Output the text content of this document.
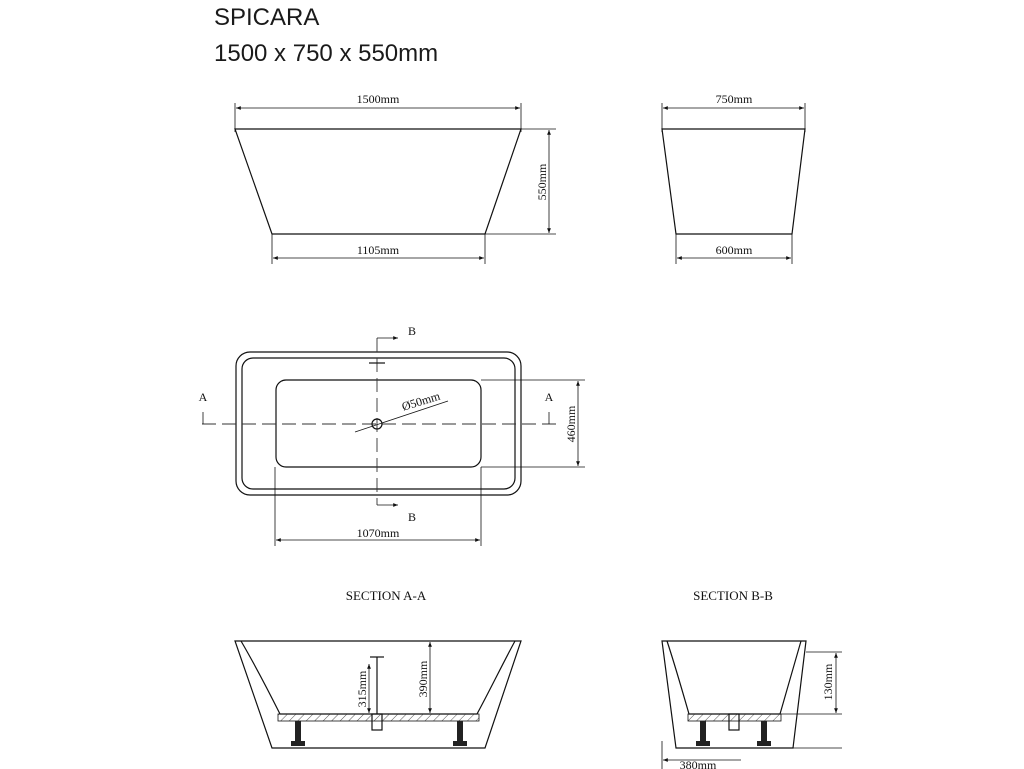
SPICARA
1500 x 750 x 550mm
1500mm
550mm
1105mm
750mm
600mm
A	A
B
B
Ø50mm
460mm
1070mm
SECTION A-A
315mm	390mm
SECTION B-B
130mm
380mm
